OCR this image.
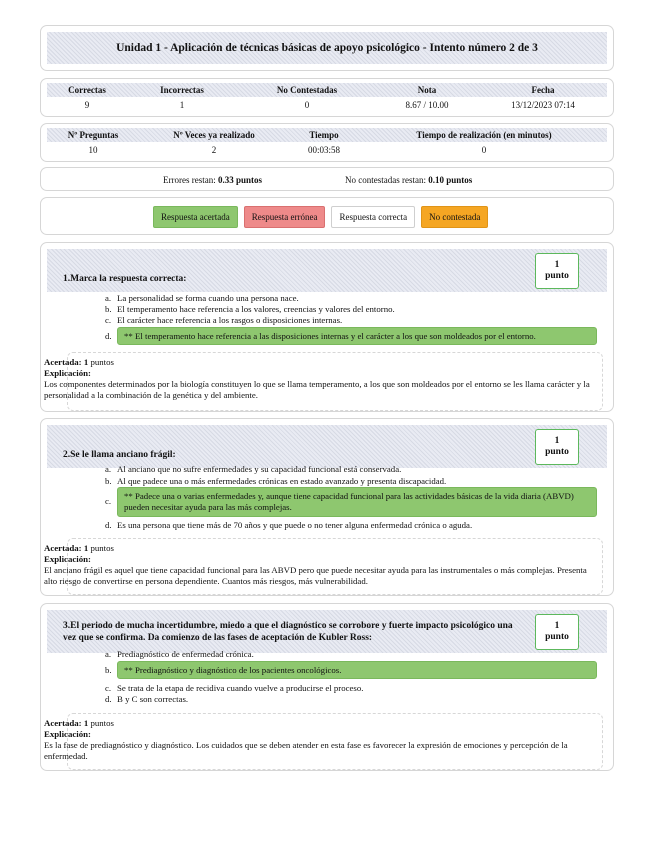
Unidad 1 - Aplicación de técnicas básicas de apoyo psicológico - Intento número 2 de 3
Correctas	Incorrectas	No Contestadas	Nota	Fecha
9	1	0	8.67 / 10.00	13/12/2023 07:14
Nº Preguntas	Nº Veces ya realizado	Tiempo	Tiempo de realización (en minutos)
10	2	00:03:58	0
Errores restan: 0.33 puntos	No contestadas restan: 0.10 puntos
Respuesta acertada Respuesta errónea Respuesta correcta No contestada
1.Marca la respuesta correcta:
1
punto
a. La personalidad se forma cuando una persona nace.
b. El temperamento hace referencia a los valores, creencias y valores del entorno.
c. El carácter hace referencia a los rasgos o disposiciones internas.
d.	** El temperamento hace referencia a las disposiciones internas y el carácter a los que son moldeados por el entorno.
Acertada: 1 puntos
Explicación:
Los componentes determinados por la biología constituyen lo que se llama temperamento, a los que son moldeados por el entorno se les llama carácter y la personalidad a la combinación de la genética y del ambiente.
2.Se le llama anciano frágil:
1
punto
a. Al anciano que no sufre enfermedades y su capacidad funcional está conservada.
b. Al que padece una o más enfermedades crónicas en estado avanzado y presenta discapacidad.
c.	** Padece una o varias enfermedades y, aunque tiene capacidad funcional para las actividades básicas de la vida diaria (ABVD) pueden necesitar ayuda para las más complejas.
d. Es una persona que tiene más de 70 años y que puede o no tener alguna enfermedad crónica o aguda.
Acertada: 1 puntos
Explicación:
El anciano frágil es aquel que tiene capacidad funcional para las ABVD pero que puede necesitar ayuda para las instrumentales o más complejas. Presenta alto riesgo de convertirse en persona dependiente. Cuantos más riesgos, más vulnerabilidad.
3.El periodo de mucha incertidumbre, miedo a que el diagnóstico se corrobore y fuerte impacto psicológico una vez que se confirma. Da comienzo de las fases de aceptación de Kubler Ross:
1
punto
a. Prediagnóstico de enfermedad crónica.
b.	** Prediagnóstico y diagnóstico de los pacientes oncológicos.
c. Se trata de la etapa de recidiva cuando vuelve a producirse el proceso.
d. B y C son correctas.
Acertada: 1 puntos
Explicación:
Es la fase de prediagnóstico y diagnóstico. Los cuidados que se deben atender en esta fase es favorecer la expresión de emociones y percepción de la enfermedad.
